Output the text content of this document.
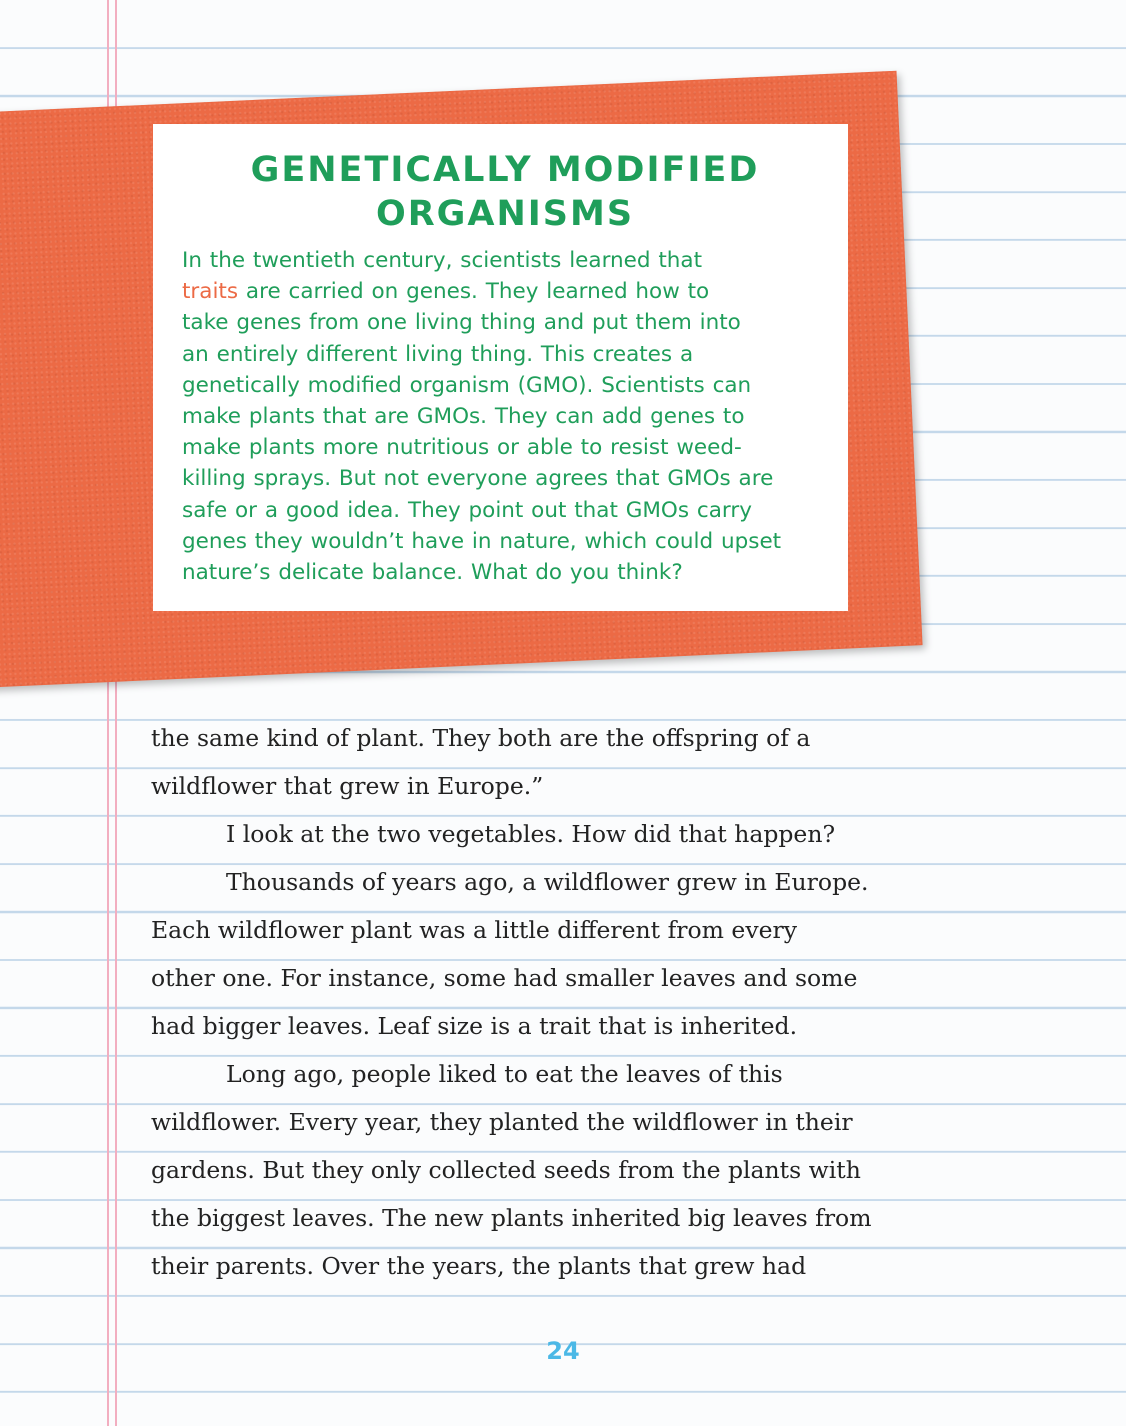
GENETICALLY MODIFIED
ORGANISMS

In the twentieth century, scientists learned that
traits are carried on genes. They learned how to
take genes from one living thing and put them into
an entirely different living thing. This creates a
genetically modified organism (GMO). Scientists can
make plants that are GMOs. They can add genes to
make plants more nutritious or able to resist weed-
killing sprays. But not everyone agrees that GMOs are
safe or a good idea. They point out that GMOs carry
genes they wouldn’t have in nature, which could upset
nature’s delicate balance. What do you think?

the same kind of plant. They both are the offspring of a

wildflower that grew in Europe.”

I look at the two vegetables. How did that happen?

Thousands of years ago, a wildflower grew in Europe.

Each wildflower plant was a little different from every

other one. For instance, some had smaller leaves and some

had bigger leaves. Leaf size is a trait that is inherited.

Long ago, people liked to eat the leaves of this

wildflower. Every year, they planted the wildflower in their

gardens. But they only collected seeds from the plants with

the biggest leaves. The new plants inherited big leaves from

their parents. Over the years, the plants that grew had

24
